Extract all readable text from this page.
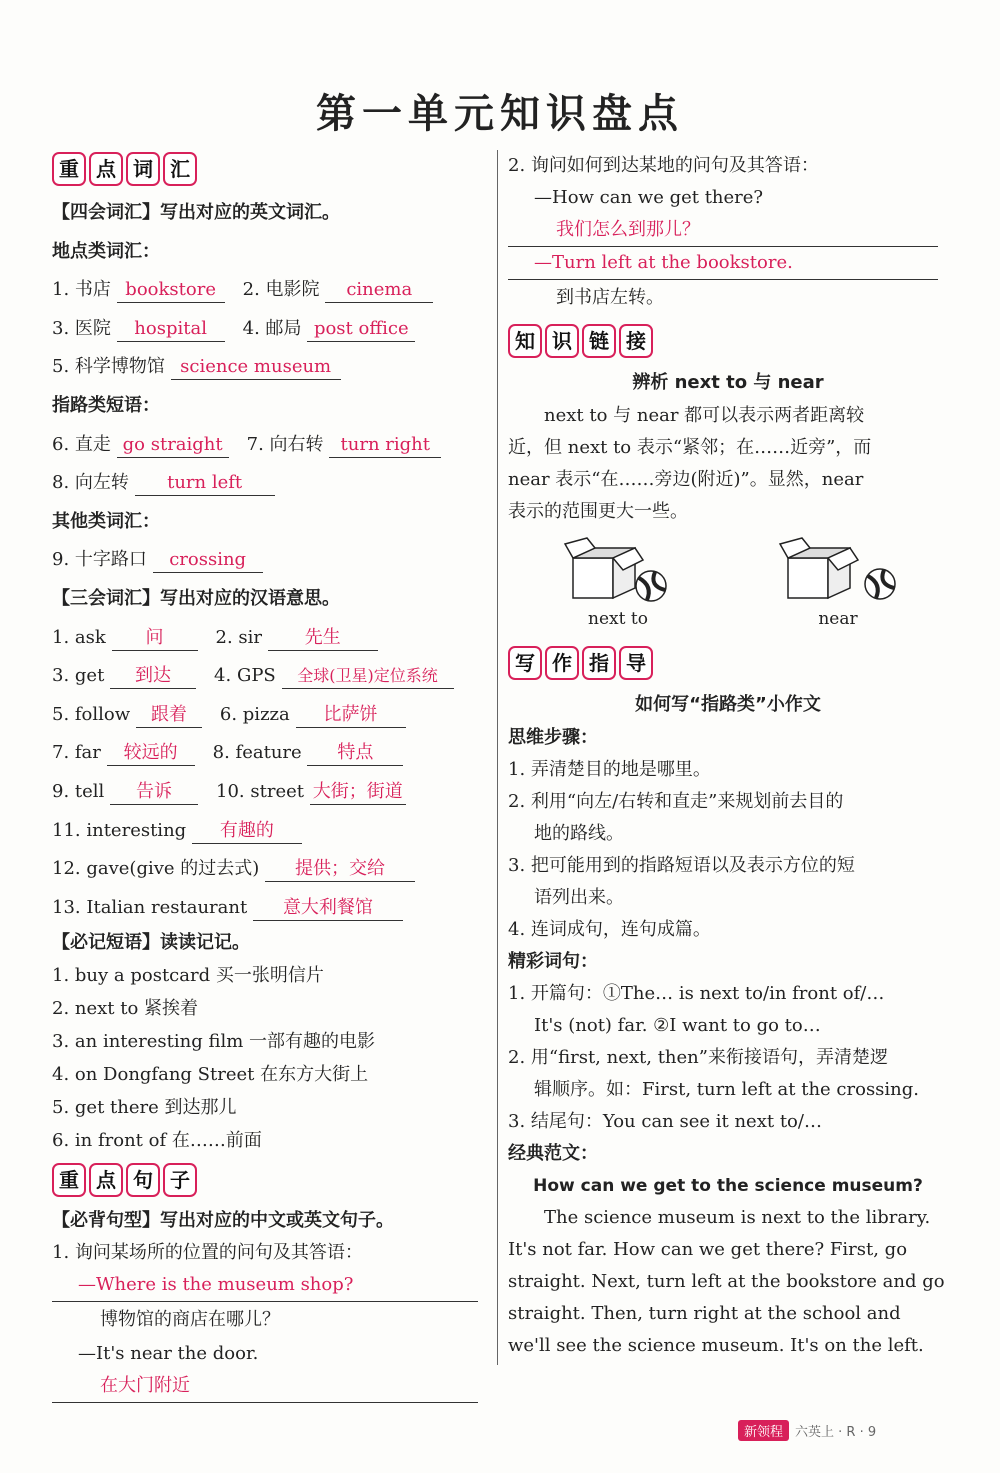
第一单元知识盘点
重 点 词 汇
【四会词汇】写出对应的英文词汇。
地点类词汇：
1. 书店 bookstore　 2. 电影院 cinema
3. 医院 hospital　 4. 邮局 post office
5. 科学博物馆 science museum
指路类短语：
6. 直走 go straight　 7. 向右转 turn right
8. 向左转 turn left
其他类词汇：
9. 十字路口 crossing
【三会词汇】写出对应的汉语意思。
1. ask 问　	2. sir 先生
3. get 到达　 4. GPS 全球(卫星)定位系统
5. follow 跟着　 6. pizza 比萨饼
7. far 较远的　 8. feature 特点
9. tell 告诉　 10. street 大街；街道
11. interesting 有趣的
12. gave(give 的过去式) 提供；交给
13. Italian restaurant 意大利餐馆
【必记短语】读读记记。
1. buy a postcard 买一张明信片
2. next to 紧挨着
3. an interesting film 一部有趣的电影
4. on Dongfang Street 在东方大街上
5. get there 到达那儿
6. in front of 在……前面
重 点 句 子
【必背句型】写出对应的中文或英文句子。
1. 询问某场所的位置的问句及其答语：
—Where is the museum shop?
博物馆的商店在哪儿？
—It's near the door.
在大门附近
2. 询问如何到达某地的问句及其答语：
—How can we get there?
我们怎么到那儿？
—Turn left at the bookstore.
到书店左转。
知 识 链 接
辨析 next to 与 near
　　next to 与 near 都可以表示两者距离较
近，但 next to 表示“紧邻；在……近旁”，而
near 表示“在……旁边(附近)”。显然，near
表示的范围更大一些。
next to	near
写 作 指 导
如何写“指路类”小作文
思维步骤：
1. 弄清楚目的地是哪里。
2. 利用“向左/右转和直走”来规划前去目的
地的路线。
3. 把可能用到的指路短语以及表示方位的短
语列出来。
4. 连词成句，连句成篇。
精彩词句：
1. 开篇句：①The… is next to/in front of/…
It's (not) far. ②I want to go to…
2. 用“first, next, then”来衔接语句，弄清楚逻
辑顺序。如：First, turn left at the crossing.
3. 结尾句：You can see it next to/…
经典范文：
How can we get to the science museum?
　　The science museum is next to the library.
It's not far. How can we get there? First, go
straight. Next, turn left at the bookstore and go
straight. Then, turn right at the school and
we'll see the science museum. It's on the left.
新领程 六英上 · R · 9
